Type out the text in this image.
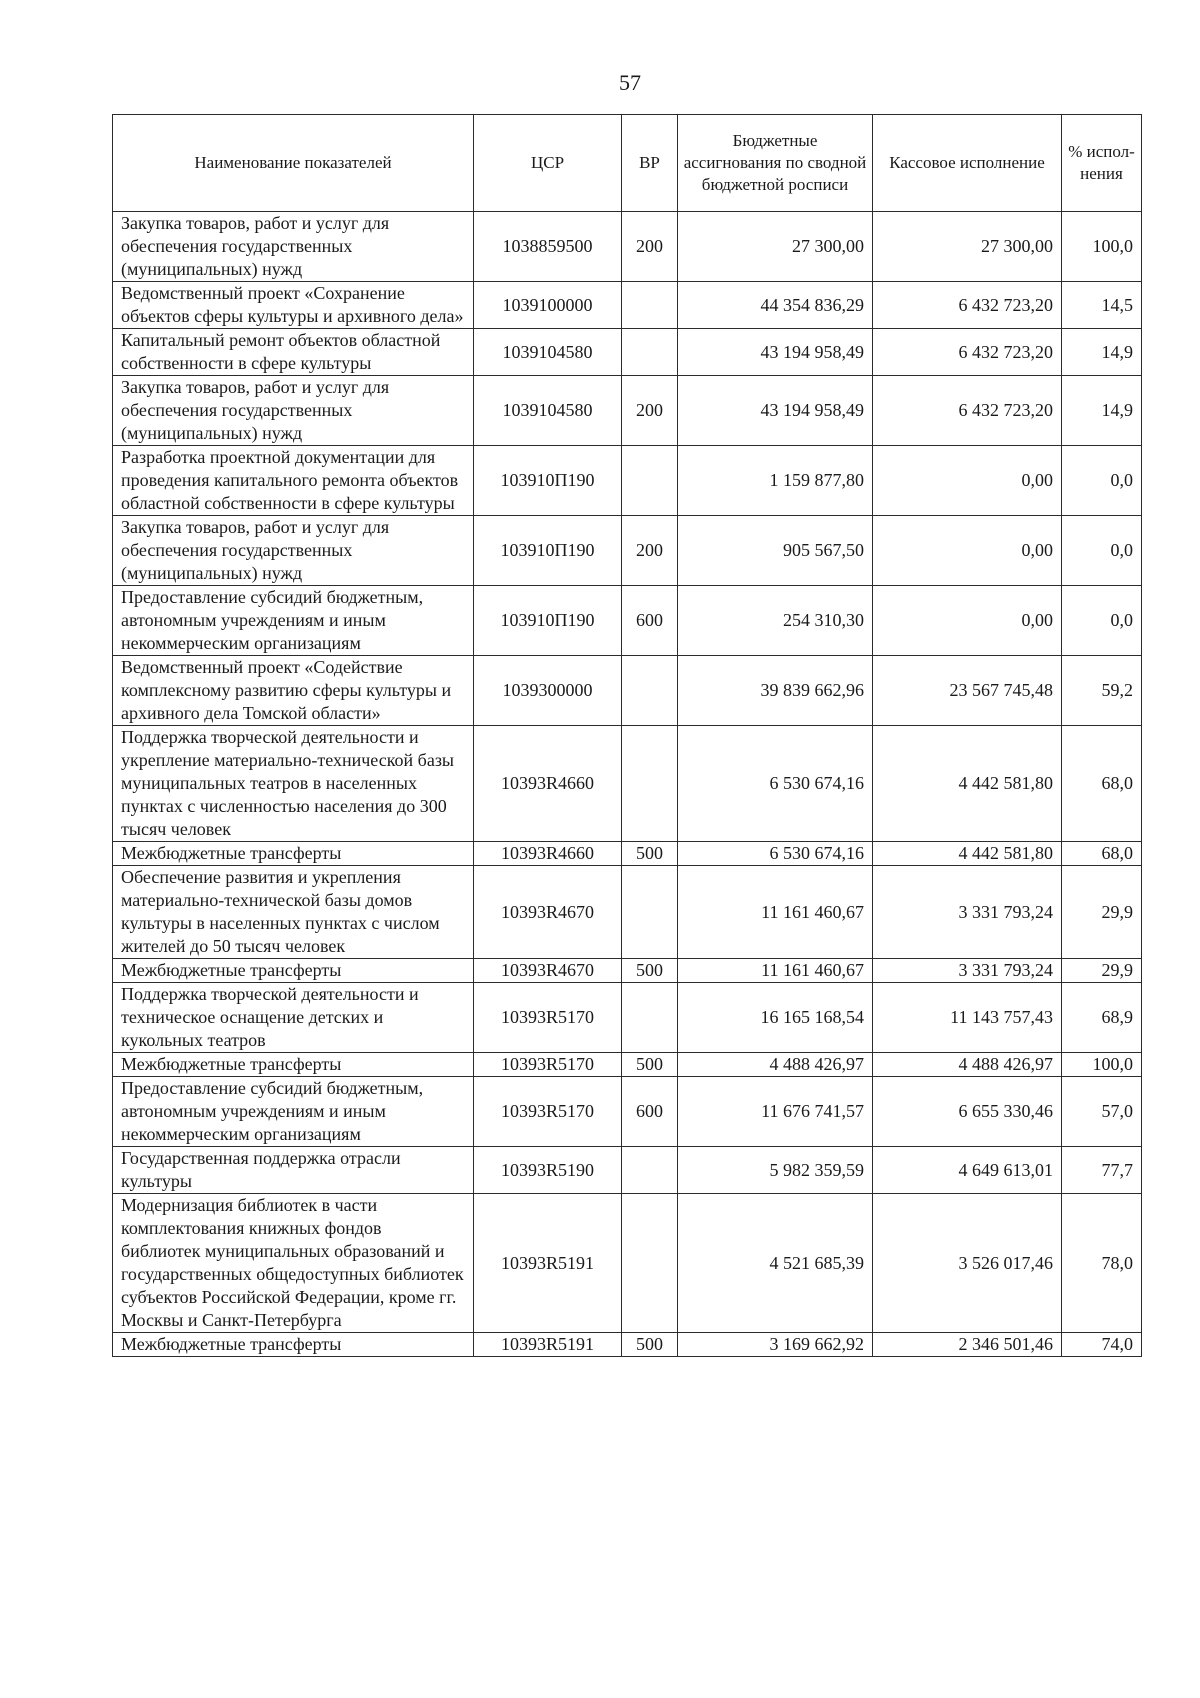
57
Наименование показателей	ЦСР	ВР	Бюджетные ассигнования по сводной бюджетной росписи	Кассовое исполнение	% испол-нения
Закупка товаров, работ и услуг для обеспечения государственных (муниципальных) нужд	1038859500	200	27 300,00	27 300,00	100,0
Ведомственный проект «Сохранение объектов сферы культуры и архивного дела»	1039100000		44 354 836,29	6 432 723,20	14,5
Капитальный ремонт объектов областной собственности в сфере культуры	1039104580		43 194 958,49	6 432 723,20	14,9
Закупка товаров, работ и услуг для обеспечения государственных (муниципальных) нужд	1039104580	200	43 194 958,49	6 432 723,20	14,9
Разработка проектной документации для проведения капитального ремонта объектов областной собственности в сфере культуры	103910П190		1 159 877,80	0,00	0,0
Закупка товаров, работ и услуг для обеспечения государственных (муниципальных) нужд	103910П190	200	905 567,50	0,00	0,0
Предоставление субсидий бюджетным, автономным учреждениям и иным некоммерческим организациям	103910П190	600	254 310,30	0,00	0,0
Ведомственный проект «Содействие комплексному развитию сферы культуры и архивного дела Томской области»	1039300000		39 839 662,96	23 567 745,48	59,2
Поддержка творческой деятельности и укрепление материально-технической базы муниципальных театров в населенных пунктах с численностью населения до 300 тысяч человек	10393R4660		6 530 674,16	4 442 581,80	68,0
Межбюджетные трансферты	10393R4660	500	6 530 674,16	4 442 581,80	68,0
Обеспечение развития и укрепления материально-технической базы домов культуры в населенных пунктах с числом жителей до 50 тысяч человек	10393R4670		11 161 460,67	3 331 793,24	29,9
Межбюджетные трансферты	10393R4670	500	11 161 460,67	3 331 793,24	29,9
Поддержка творческой деятельности и техническое оснащение детских и кукольных театров	10393R5170		16 165 168,54	11 143 757,43	68,9
Межбюджетные трансферты	10393R5170	500	4 488 426,97	4 488 426,97	100,0
Предоставление субсидий бюджетным, автономным учреждениям и иным некоммерческим организациям	10393R5170	600	11 676 741,57	6 655 330,46	57,0
Государственная поддержка отрасли культуры	10393R5190		5 982 359,59	4 649 613,01	77,7
Модернизация библиотек в части комплектования книжных фондов библиотек муниципальных образований и государственных общедоступных библиотек субъектов Российской Федерации, кроме гг. Москвы и Санкт-Петербурга	10393R5191		4 521 685,39	3 526 017,46	78,0
Межбюджетные трансферты	10393R5191	500	3 169 662,92	2 346 501,46	74,0
